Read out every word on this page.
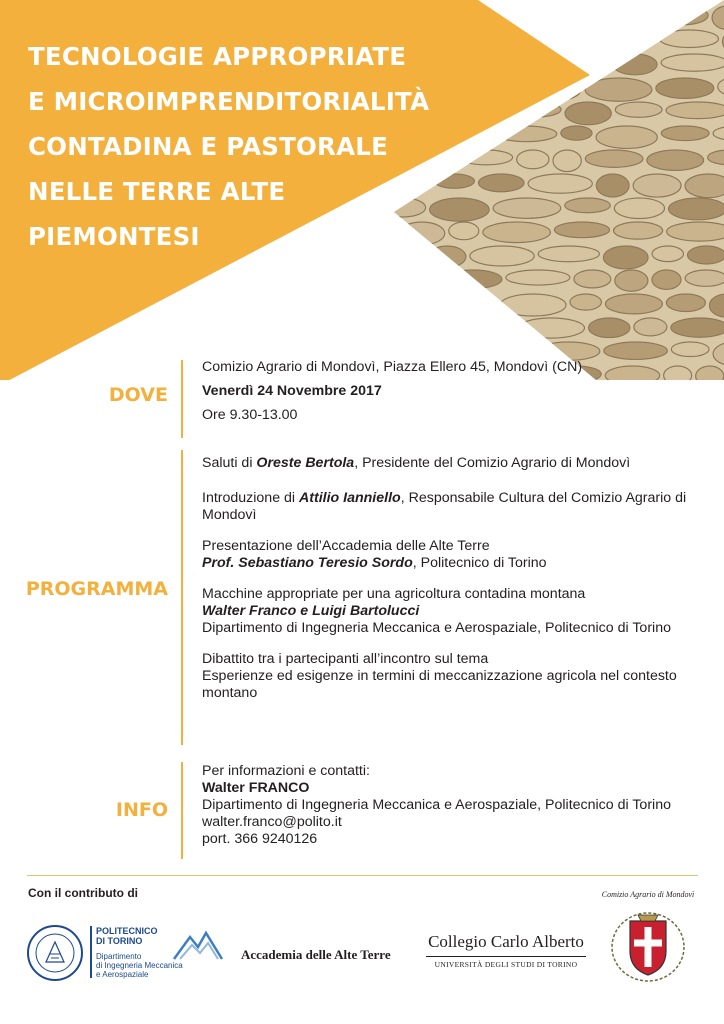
TECNOLOGIE APPROPRIATE
E MICROIMPRENDITORIALITÀ
CONTADINA E PASTORALE
NELLE TERRE ALTE
PIEMONTESI
DOVE

Comizio Agrario di Mondovì, Piazza Ellero 45, Mondovì (CN)

Venerdì 24 Novembre 2017

Ore 9.30-13.00

PROGRAMMA

Saluti di Oreste Bertola, Presidente del Comizio Agrario di Mondovì

Introduzione di Attilio Ianniello, Responsabile Cultura del Comizio Agrario di Mondovì

Presentazione dell’Accademia delle Alte Terre

Prof. Sebastiano Teresio Sordo, Politecnico di Torino

Macchine appropriate per una agricoltura contadina montana

Walter Franco e Luigi Bartolucci

Dipartimento di Ingegneria Meccanica e Aerospaziale, Politecnico di Torino

Dibattito tra i partecipanti all’incontro sul tema

Esperienze ed esigenze in termini di meccanizzazione agricola nel contesto montano

INFO

Per informazioni e contatti:

Walter FRANCO

Dipartimento di Ingegneria Meccanica e Aerospaziale, Politecnico di Torino

walter.franco@polito.it

port. 366 9240126

Con il contributo di
POLITECNICO
DI TORINO
Dipartimento
di Ingegneria Meccanica
e Aerospaziale
Accademia delle Alte Terre
Collegio Carlo Alberto
UNIVERSITÀ DEGLI STUDI DI TORINO
Comizio Agrario di Mondovì
